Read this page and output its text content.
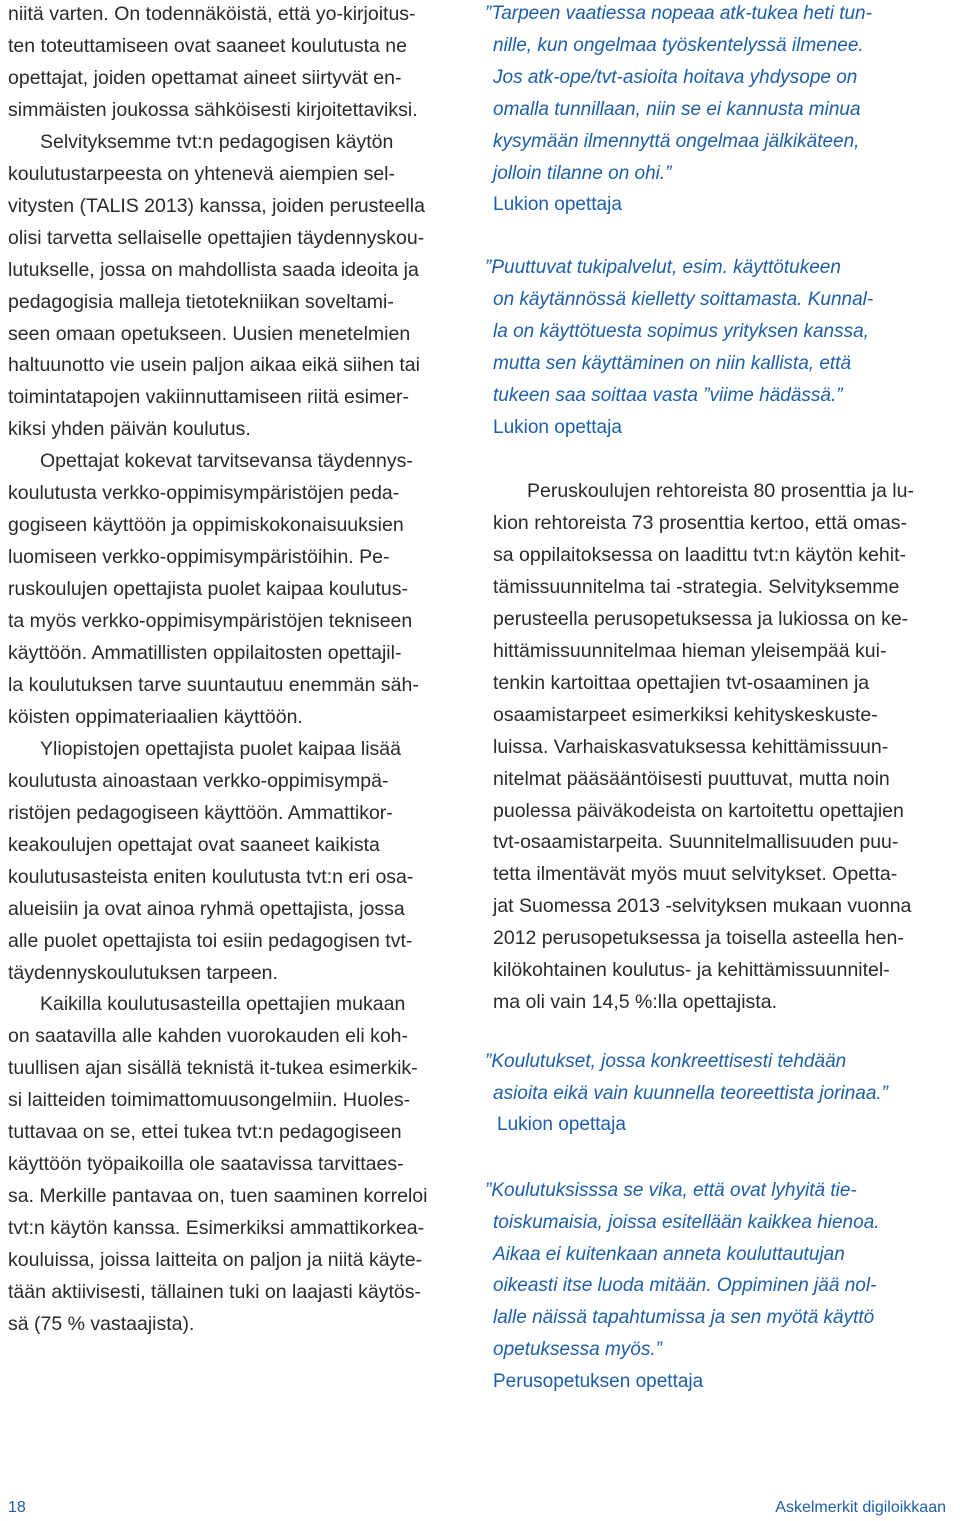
niitä varten. On todennäköistä, että yo-kirjoitus-
ten toteuttamiseen ovat saaneet koulutusta ne
opettajat, joiden opettamat aineet siirtyvät en-
simmäisten joukossa sähköisesti kirjoitettaviksi.
Selvityksemme tvt:n pedagogisen käytön
koulutustarpeesta on yhtenevä aiempien sel-
vitysten (TALIS 2013) kanssa, joiden perusteella
olisi tarvetta sellaiselle opettajien täydennyskou-
lutukselle, jossa on mahdollista saada ideoita ja
pedagogisia malleja tietotekniikan soveltami-
seen omaan opetukseen. Uusien menetelmien
haltuunotto vie usein paljon aikaa eikä siihen tai
toimintatapojen vakiinnuttamiseen riitä esimer-
kiksi yhden päivän koulutus.
Opettajat kokevat tarvitsevansa täydennys-
koulutusta verkko-oppimisympäristöjen peda-
gogiseen käyttöön ja oppimiskokonaisuuksien
luomiseen verkko-oppimisympäristöihin. Pe-
ruskoulujen opettajista puolet kaipaa koulutus-
ta myös verkko-oppimisympäristöjen tekniseen
käyttöön. Ammatillisten oppilaitosten opettajil-
la koulutuksen tarve suuntautuu enemmän säh-
köisten oppimateriaalien käyttöön.
Yliopistojen opettajista puolet kaipaa lisää
koulutusta ainoastaan verkko-oppimisympä-
ristöjen pedagogiseen käyttöön. Ammattikor-
keakoulujen opettajat ovat saaneet kaikista
koulutusasteista eniten koulutusta tvt:n eri osa-
alueisiin ja ovat ainoa ryhmä opettajista, jossa
alle puolet opettajista toi esiin pedagogisen tvt-
täydennyskoulutuksen tarpeen.
Kaikilla koulutusasteilla opettajien mukaan
on saatavilla alle kahden vuorokauden eli koh-
tuullisen ajan sisällä teknistä it-tukea esimerkik-
si laitteiden toimimattomuusongelmiin. Huoles-
tuttavaa on se, ettei tukea tvt:n pedagogiseen
käyttöön työpaikoilla ole saatavissa tarvittaes-
sa. Merkille pantavaa on, tuen saaminen korreloi
tvt:n käytön kanssa. Esimerkiksi ammattikorkea-
kouluissa, joissa laitteita on paljon ja niitä käyte-
tään aktiivisesti, tällainen tuki on laajasti käytös-
sä (75 % vastaajista).
”Tarpeen vaatiessa nopeaa atk-tukea heti tun-
nille, kun ongelmaa työskentelyssä ilmenee.
Jos atk-ope/tvt-asioita hoitava yhdysope on
omalla tunnillaan, niin se ei kannusta minua
kysymään ilmennyttä ongelmaa jälkikäteen,
jolloin tilanne on ohi.”
Lukion opettaja
”Puuttuvat tukipalvelut, esim. käyttötukeen
on käytännössä kielletty soittamasta. Kunnal-
la on käyttötuesta sopimus yrityksen kanssa,
mutta sen käyttäminen on niin kallista, että
tukeen saa soittaa vasta ”viime hädässä.”
Lukion opettaja
Peruskoulujen rehtoreista 80 prosenttia ja lu-
kion rehtoreista 73 prosenttia kertoo, että omas-
sa oppilaitoksessa on laadittu tvt:n käytön kehit-
tämissuunnitelma tai -strategia. Selvityksemme
perusteella perusopetuksessa ja lukiossa on ke-
hittämissuunnitelmaa hieman yleisempää kui-
tenkin kartoittaa opettajien tvt-osaaminen ja
osaamistarpeet esimerkiksi kehityskeskuste-
luissa. Varhaiskasvatuksessa kehittämissuun-
nitelmat pääsääntöisesti puuttuvat, mutta noin
puolessa päiväkodeista on kartoitettu opettajien
tvt-osaamistarpeita. Suunnitelmallisuuden puu-
tetta ilmentävät myös muut selvitykset. Opetta-
jat Suomessa 2013 -selvityksen mukaan vuonna
2012 perusopetuksessa ja toisella asteella hen-
kilökohtainen koulutus- ja kehittämissuunnitel-
ma oli vain 14,5 %:lla opettajista.
”Koulutukset, jossa konkreettisesti tehdään
asioita eikä vain kuunnella teoreettista jorinaa.”
Lukion opettaja
”Koulutuksisssa se vika, että ovat lyhyitä tie-
toiskumaisia, joissa esitellään kaikkea hienoa.
Aikaa ei kuitenkaan anneta kouluttautujan
oikeasti itse luoda mitään. Oppiminen jää nol-
lalle näissä tapahtumissa ja sen myötä käyttö
opetuksessa myös.”
Perusopetuksen opettaja
18	Askelmerkit digiloikkaan
